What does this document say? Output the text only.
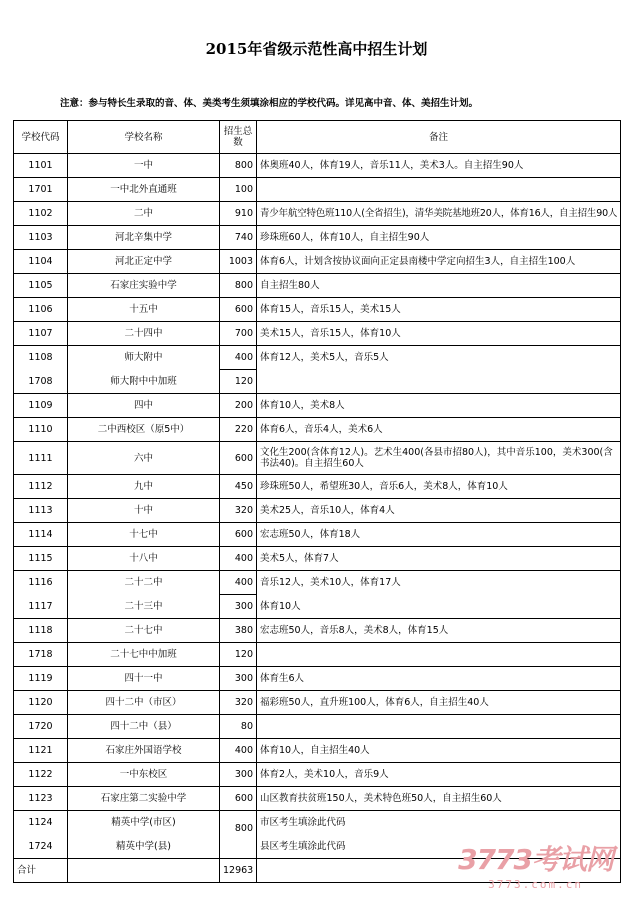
2015年省级示范性高中招生计划
注意：参与特长生录取的音、体、美类考生须填涂相应的学校代码。详见高中音、体、美招生计划。
学校代码	学校名称	招生总数	备注
1101	一中	800	体奥班40人，体育19人，音乐11人，美术3人。自主招生90人
1701	一中北外直通班	100	
1102	二中	910	青少年航空特色班110人(全省招生)，清华美院基地班20人，体育16人，自主招生90人
1103	河北辛集中学	740	珍珠班60人，体育10人，自主招生90人
1104	河北正定中学	1003	体育6人，计划含按协议面向正定县南楼中学定向招生3人，自主招生100人
1105	石家庄实验中学	800	自主招生80人
1106	十五中	600	体育15人，音乐15人，美术15人
1107	二十四中	700	美术15人，音乐15人，体育10人
1108	师大附中	400	体育12人，美术5人，音乐5人
1708	师大附中中加班	120	
1109	四中	200	体育10人，美术8人
1110	二中西校区（原5中）	220	体育6人，音乐4人，美术6人
1111	六中	600	文化生200(含体育12人)。艺术生400(各县市招80人)，其中音乐100，美术300(含书法40)。自主招生60人
1112	九中	450	珍珠班50人，希望班30人，音乐6人，美术8人，体育10人
1113	十中	320	美术25人，音乐10人，体育4人
1114	十七中	600	宏志班50人，体育18人
1115	十八中	400	美术5人，体育7人
1116	二十二中	400	音乐12人，美术10人，体育17人
1117	二十三中	300	体育10人
1118	二十七中	380	宏志班50人，音乐8人，美术8人，体育15人
1718	二十七中中加班	120	
1119	四十一中	300	体育生6人
1120	四十二中（市区）	320	福彩班50人，直升班100人，体育6人，自主招生40人
1720	四十二中（县）	80	
1121	石家庄外国语学校	400	体育10人，自主招生40人
1122	一中东校区	300	体育2人，美术10人，音乐9人
1123	石家庄第二实验中学	600	山区教育扶贫班150人，美术特色班50人，自主招生60人
1124	精英中学(市区)	800	市区考生填涂此代码
1724	精英中学(县)		县区考生填涂此代码
合计		12963		3773考试网
3773.com.cn
